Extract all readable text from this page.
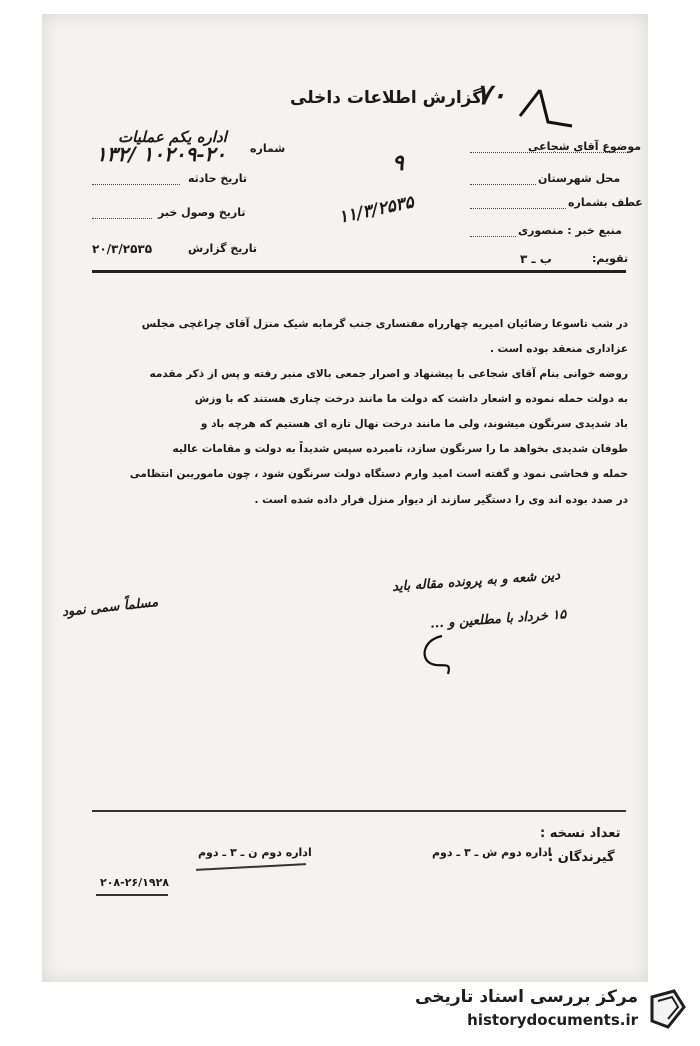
گزارش اطلاعات داخلی
۷۰
اداره یکم عملیات
شماره
۱۰۲۰۹-۲۰ /۱۳۲
تاریخ حادثه
تاریخ وصول خبر
تاریخ گزارش
۲۰/۳/۲۵۳۵
۹
۱۱/۳/۲۵۳۵
موضوع آقای شجاعی
محل شهرستان
عطف بشماره
منبع خبر : منصوری
تقویم:
ب ـ ۳
در شب تاسوعا رضائیان امیریه چهارراه مفتساری جنب گرمابه شیک منزل آقای چراغچی مجلس
عزاداری منعقد بوده است .
روضه خوانی بنام آقای شجاعی با پیشنهاد و اصرار جمعی بالای منبر رفته و پس از ذکر مقدمه
به دولت حمله نموده و اشعار داشت که دولت ما مانند درخت چناری هستند که با وزش
باد شدیدی سرنگون میشوند، ولی ما مانند درخت نهال تازه ای هستیم که هرچه باد و
طوفان شدیدی بخواهد ما را سرنگون سازد، نامبرده سپس شدیداً به دولت و مقامات عالیه
حمله و فحاشی نمود و گفته است امید وارم دستگاه دولت سرنگون شود ، چون ماموریبن انتظامی
در صدد بوده اند وی را دستگیر سازند از دیوار منزل فرار داده شده است .
مسلماً سمی نمود
دین شعه و به پرونده مقاله باید
۱۵ خرداد با مطلعین و ...
تعداد نسخه :
گیرندگان :
اداره دوم ش ـ ۳ ـ دوم
اداره دوم ن ـ ۳ ـ دوم
۲۰۸-۲۶/۱۹۲۸
مرکز بررسی اسناد تاریخی
historydocuments.ir
